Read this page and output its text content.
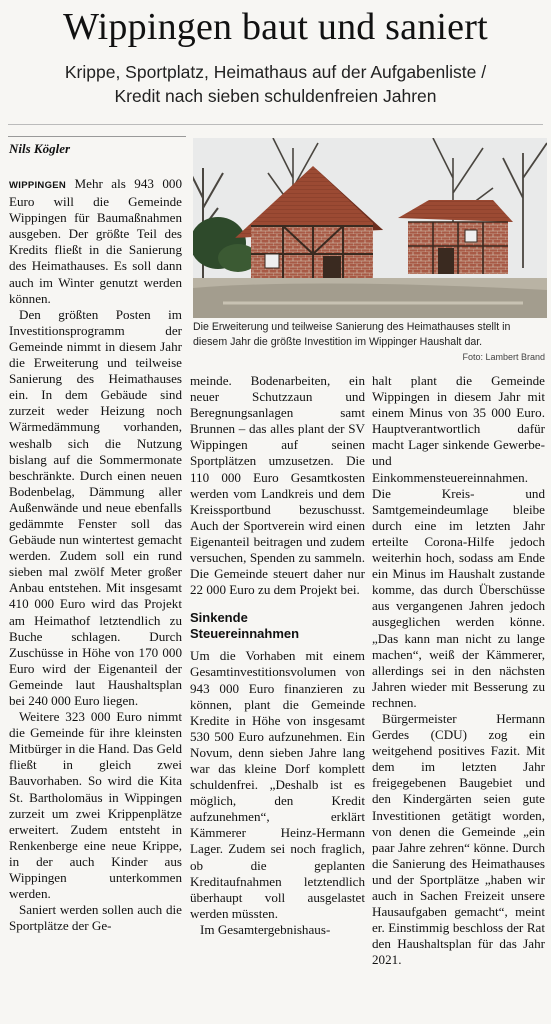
Wippingen baut und saniert
Krippe, Sportplatz, Heimathaus auf der Aufgabenliste /
Kredit nach sieben schuldenfreien Jahren
Nils Kögler

WIPPINGEN Mehr als 943 000 Euro will die Gemeinde Wippingen für Baumaßnahmen ausgeben. Der größte Teil des Kredits fließt in die Sanierung des Heimathauses. Es soll dann auch im Winter genutzt werden können.

Den größten Posten im Investitionsprogramm der Gemeinde nimmt in diesem Jahr die Erweiterung und teilweise Sanierung des Heimathauses ein. In dem Gebäude sind zurzeit weder Heizung noch Wärmedämmung vorhanden, weshalb sich die Nutzung bislang auf die Sommermonate beschränkte. Durch einen neuen Bodenbelag, Dämmung aller Außenwände und neue ebenfalls gedämmte Fenster soll das Gebäude nun wintertest gemacht werden. Zudem soll ein rund sieben mal zwölf Meter großer Anbau entstehen. Mit insgesamt 410 000 Euro wird das Projekt am Heimathof letztendlich zu Buche schlagen. Durch Zuschüsse in Höhe von 170 000 Euro wird der Eigenanteil der Gemeinde laut Haushaltsplan bei 240 000 Euro liegen.

Weitere 323 000 Euro nimmt die Gemeinde für ihre kleinsten Mitbürger in die Hand. Das Geld fließt in gleich zwei Bauvorhaben. So wird die Kita St. Bartholomäus in Wippingen zurzeit um zwei Krippenplätze erweitert. Zudem entsteht in Renkenberge eine neue Krippe, in der auch Kinder aus Wippingen unterkommen werden.

Saniert werden sollen auch die Sportplätze der Ge-

Die Erweiterung und teilweise Sanierung des Heimathauses stellt in diesem Jahr die größte Investition im Wippinger Haushalt dar.
Foto: Lambert Brand

meinde. Bodenarbeiten, ein neuer Schutzzaun und Beregnungsanlagen samt Brunnen – das alles plant der SV Wippingen auf seinen Sportplätzen umzusetzen. Die 110 000 Euro Gesamtkosten werden vom Landkreis und dem Kreissportbund bezuschusst. Auch der Sportverein wird einen Eigenanteil beitragen und zudem versuchen, Spenden zu sammeln. Die Gemeinde steuert daher nur 22 000 Euro zu dem Projekt bei.

Sinkende
Steuereinnahmen

Um die Vorhaben mit einem Gesamtinvestitionsvolumen von 943 000 Euro finanzieren zu können, plant die Gemeinde Kredite in Höhe von insgesamt 530 500 Euro aufzunehmen. Ein Novum, denn sieben Jahre lang war das kleine Dorf komplett schuldenfrei. „Deshalb ist es möglich, den Kredit aufzunehmen“, erklärt Kämmerer Heinz-Hermann Lager. Zudem sei noch fraglich, ob die geplanten Kreditaufnahmen letztendlich überhaupt voll ausgelastet werden müssten.

Im Gesamtergebnishaus-

halt plant die Gemeinde Wippingen in diesem Jahr mit einem Minus von 35 000 Euro. Hauptverantwortlich dafür macht Lager sinkende Gewerbe- und Einkommensteuereinnahmen. Die Kreis- und Samtgemeindeumlage bleibe durch eine im letzten Jahr erteilte Corona-Hilfe jedoch weiterhin hoch, sodass am Ende ein Minus im Haushalt zustande komme, das durch Überschüsse aus vergangenen Jahren jedoch ausgeglichen werden könne. „Das kann man nicht zu lange machen“, weiß der Kämmerer, allerdings sei in den nächsten Jahren wieder mit Besserung zu rechnen.

Bürgermeister Hermann Gerdes (CDU) zog ein weitgehend positives Fazit. Mit dem im letzten Jahr freigegebenen Baugebiet und den Kindergärten seien gute Investitionen getätigt worden, von denen die Gemeinde „ein paar Jahre zehren“ könne. Durch die Sanierung des Heimathauses und der Sportplätze „haben wir auch in Sachen Freizeit unsere Hausaufgaben gemacht“, meint er. Einstimmig beschloss der Rat den Haushaltsplan für das Jahr 2021.
